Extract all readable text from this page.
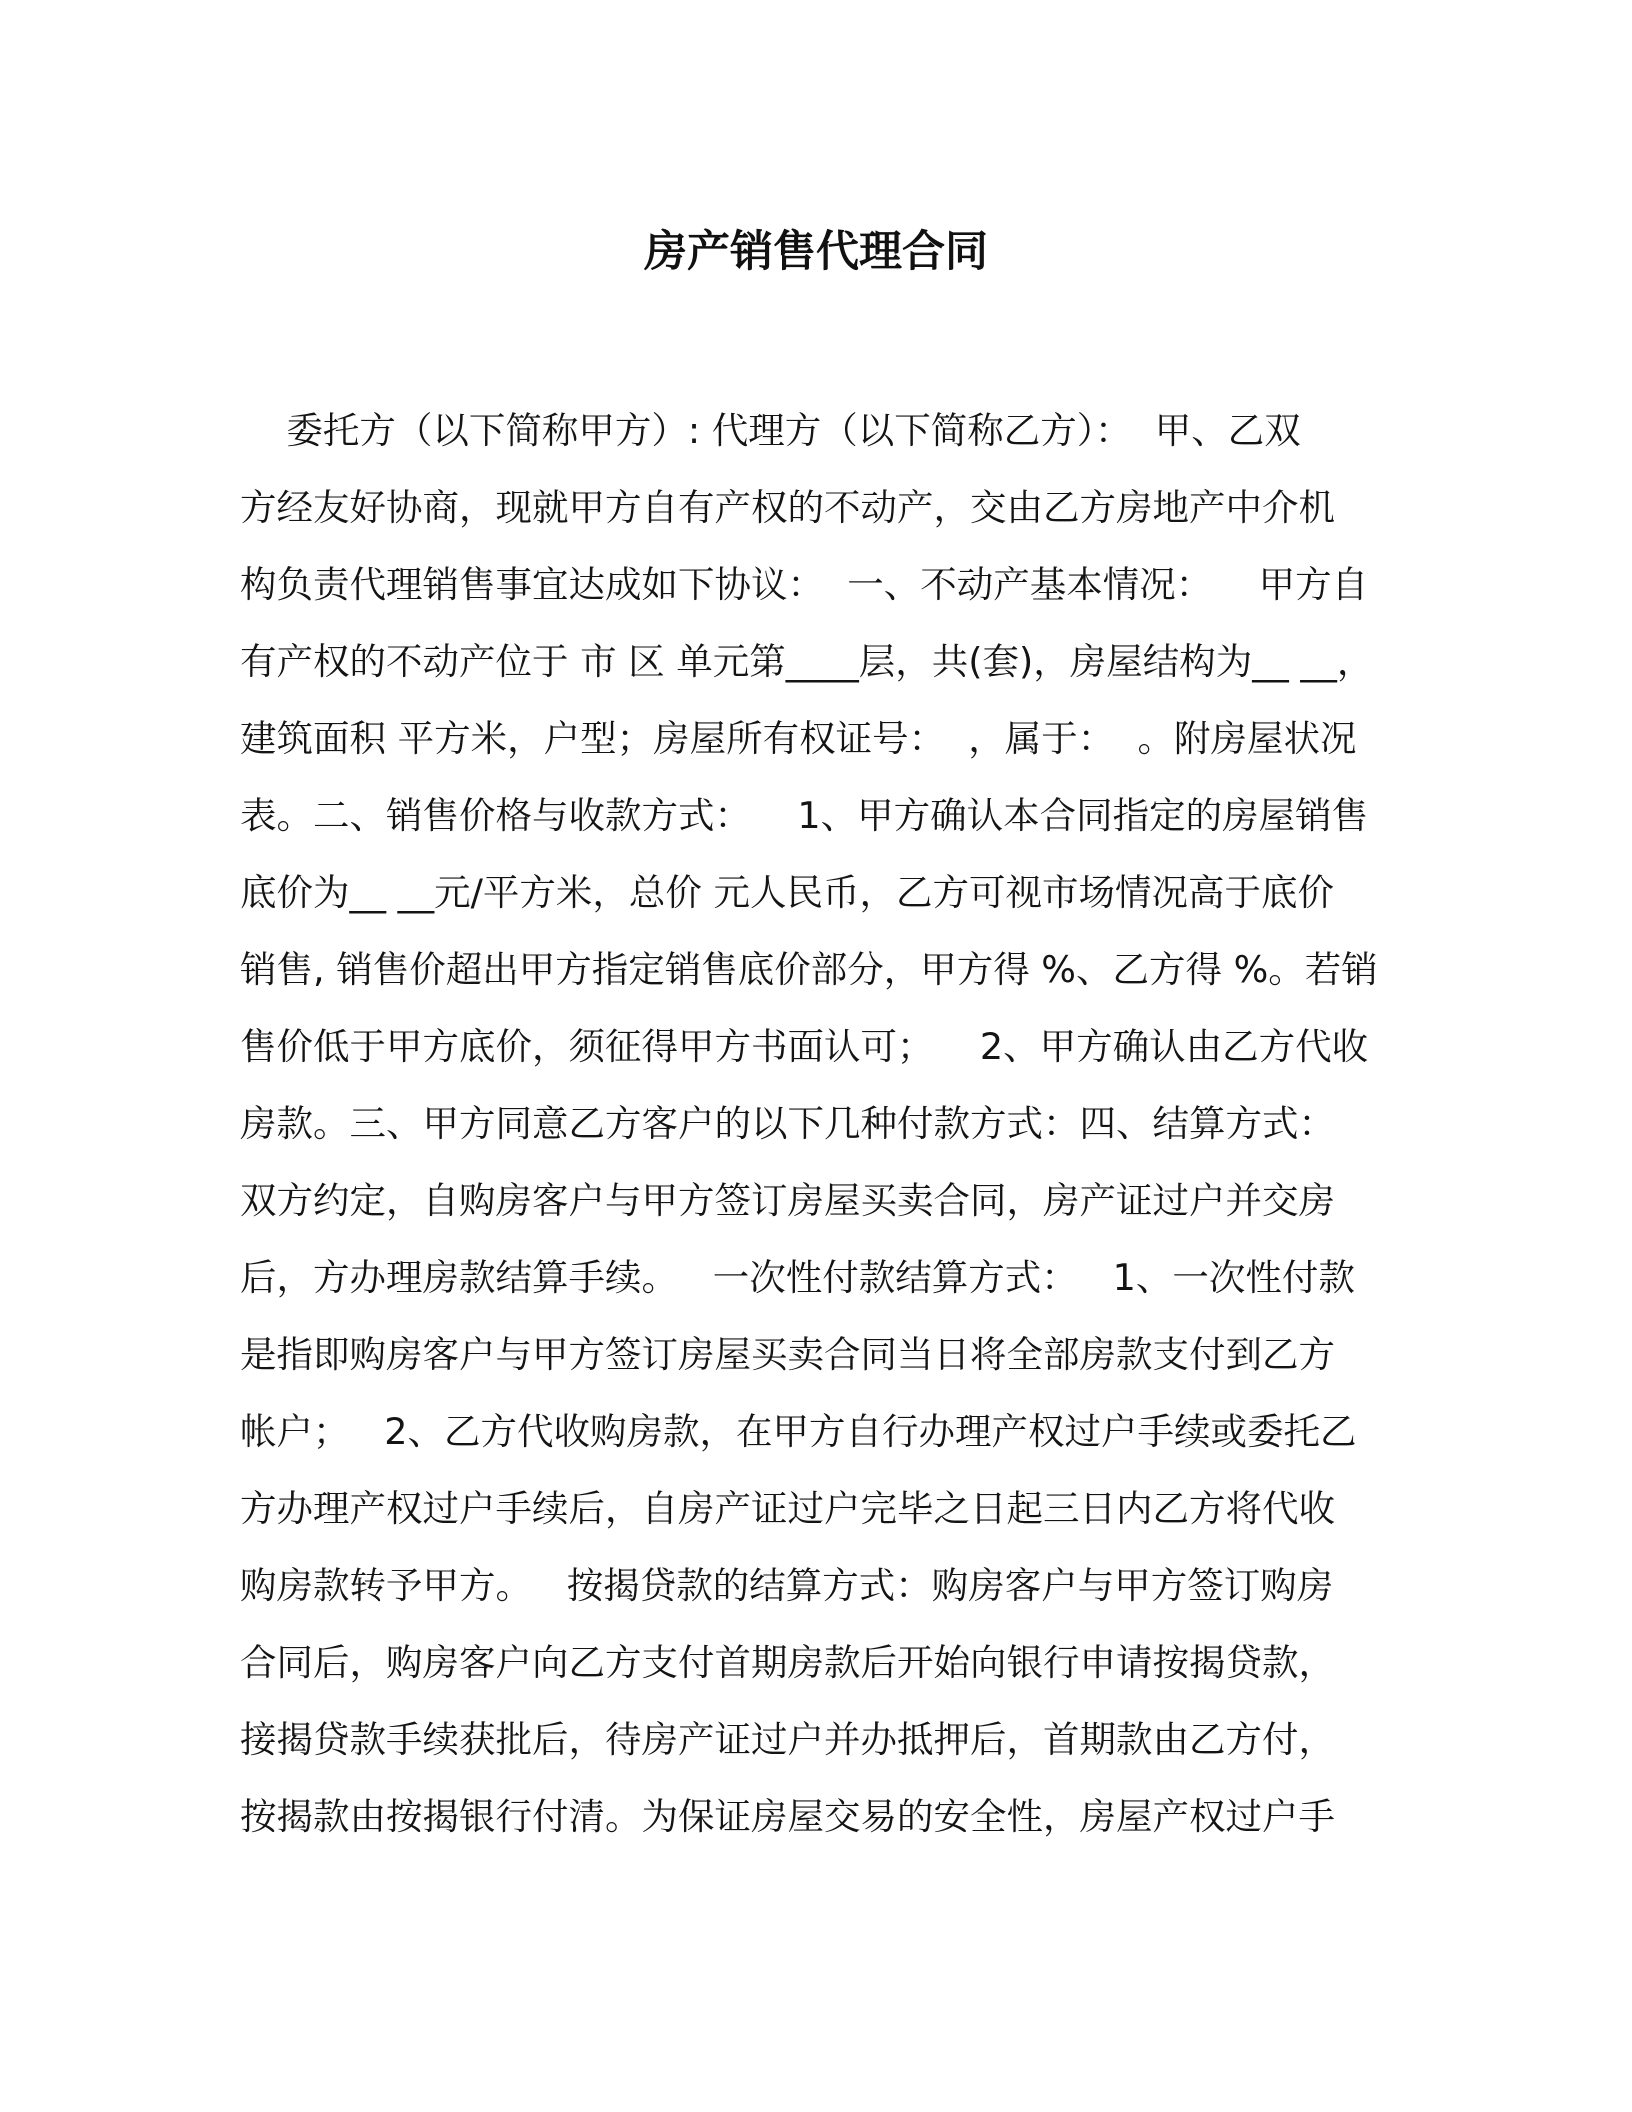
房产销售代理合同
委托方（以下简称甲方）: 代理方（以下简称乙方）：  甲、乙双
方经友好协商，现就甲方自有产权的不动产，交由乙方房地产中介机
构负责代理销售事宜达成如下协议：  一、不动产基本情况：    甲方自
有产权的不动产位于 市 区 单元第____层，共(套)，房屋结构为__ __，
建筑面积 平方米，户型；房屋所有权证号：  ，属于：  。附房屋状况
表。二、销售价格与收款方式：    1、甲方确认本合同指定的房屋销售
底价为__ __元/平方米，总价 元人民币，乙方可视市场情况高于底价
销售, 销售价超出甲方指定销售底价部分，甲方得 %、乙方得 %。若销
售价低于甲方底价，须征得甲方书面认可；    2、甲方确认由乙方代收
房款。三、甲方同意乙方客户的以下几种付款方式：四、结算方式：
双方约定，自购房客户与甲方签订房屋买卖合同，房产证过户并交房
后，方办理房款结算手续。   一次性付款结算方式：   1、一次性付款
是指即购房客户与甲方签订房屋买卖合同当日将全部房款支付到乙方
帐户；   2、乙方代收购房款，在甲方自行办理产权过户手续或委托乙
方办理产权过户手续后，自房产证过户完毕之日起三日内乙方将代收
购房款转予甲方。   按揭贷款的结算方式：购房客户与甲方签订购房
合同后，购房客户向乙方支付首期房款后开始向银行申请按揭贷款，
接揭贷款手续获批后，待房产证过户并办抵押后，首期款由乙方付，
按揭款由按揭银行付清。为保证房屋交易的安全性，房屋产权过户手
